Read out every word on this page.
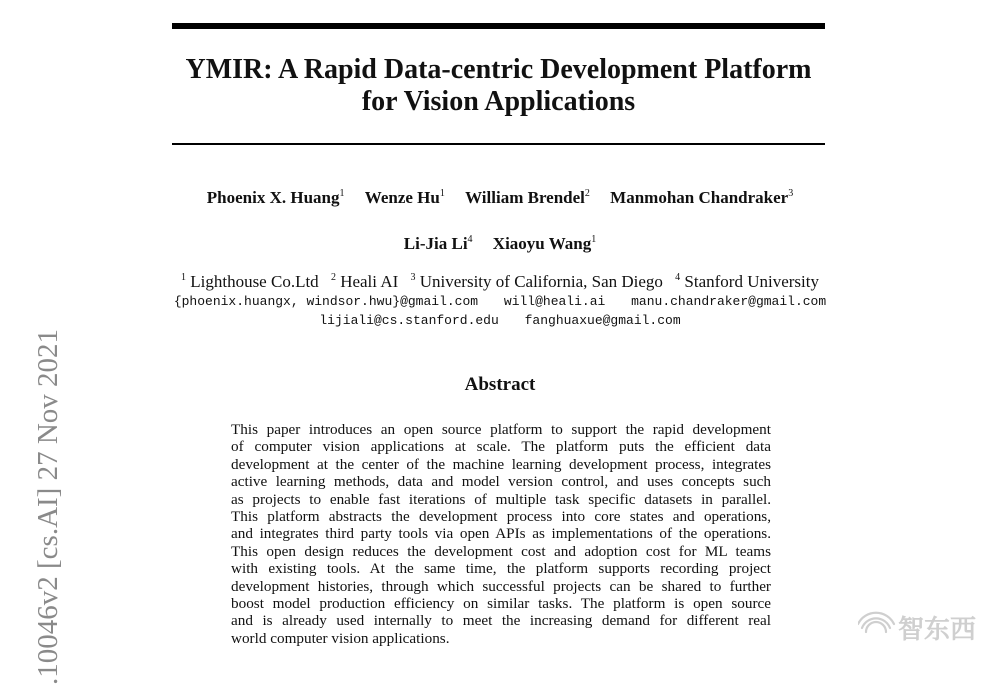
YMIR: A Rapid Data-centric Development Platform
for Vision Applications
Phoenix X. Huang$^1$ Wenze Hu$^1$ William Brendel$^2$ Manmohan Chandraker$^3$
Li-Jia Li$^4$ Xiaoyu Wang$^1$
$^1$ Lighthouse Co.Ltd $^2$ Heali AI $^3$ University of California, San Diego $^4$ Stanford University
{phoenix.huangx, windsor.hwu}@gmail.com will@heali.ai manu.chandraker@gmail.com
lijiali@cs.stanford.edu fanghuaxue@gmail.com
Abstract
This paper introduces an open source platform to support the rapid development
of computer vision applications at scale. The platform puts the efficient data
development at the center of the machine learning development process, integrates
active learning methods, data and model version control, and uses concepts such
as projects to enable fast iterations of multiple task specific datasets in parallel.
This platform abstracts the development process into core states and operations,
and integrates third party tools via open APIs as implementations of the operations.
This open design reduces the development cost and adoption cost for ML teams
with existing tools. At the same time, the platform supports recording project
development histories, through which successful projects can be shared to further
boost model production efficiency on similar tasks. The platform is open source
and is already used internally to meet the increasing demand for different real
world computer vision applications.
.10046v2 [cs.AI] 27 Nov 2021	智东西
